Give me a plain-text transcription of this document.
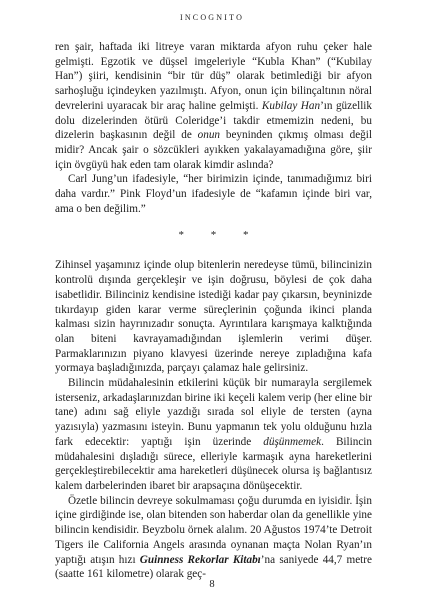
INCOGNITO

ren şair, haftada iki litreye varan miktarda afyon ruhu çeker hale gelmişti. Egzotik ve düşsel imgeleriyle “Kubla Khan” (“Kubilay Han”) şiiri, kendisinin “bir tür düş” olarak betimlediği bir afyon sarhoşluğu içindeyken yazılmıştı. Afyon, onun için bilinçaltının nöral devrelerini uyaracak bir araç haline gelmişti. Kubilay Han’ın güzellik dolu dizelerinden ötürü Coleridge’i takdir etmemizin nedeni, bu dizelerin başkasının değil de onun beyninden çıkmış olması değil midir? Ancak şair o sözcükleri ayıkken yakalayamadığına göre, şiir için övgüyü hak eden tam olarak kimdir aslında?

Carl Jung’un ifadesiyle, “her birimizin içinde, tanımadığımız biri daha vardır.” Pink Floyd’un ifadesiyle de “kafamın içinde biri var, ama o ben değilim.”

* * *

Zihinsel yaşamınız içinde olup bitenlerin neredeyse tümü, bilincinizin kontrolü dışında gerçekleşir ve işin doğrusu, böylesi de çok daha isabetlidir. Bilinciniz kendisine istediği kadar pay çıkarsın, beyninizde tıkırdayıp giden karar verme süreçlerinin çoğunda ikinci planda kalması sizin hayrınızadır sonuçta. Ayrıntılara karışmaya kalktığında olan biteni kavrayamadığından işlemlerin verimi düşer. Parmaklarınızın piyano klavyesi üzerinde nereye zıpladığına kafa yormaya başladığınızda, parçayı çalamaz hale gelirsiniz.

Bilincin müdahalesinin etkilerini küçük bir numarayla sergilemek isterseniz, arkadaşlarınızdan birine iki keçeli kalem verip (her eline bir tane) adını sağ eliyle yazdığı sırada sol eliyle de tersten (ayna yazısıyla) yazmasını isteyin. Bunu yapmanın tek yolu olduğunu hızla fark edecektir: yaptığı işin üzerinde düşünmemek. Bilincin müdahalesini dışladığı sürece, elleriyle karmaşık ayna hareketlerini gerçekleştirebilecektir ama hareketleri düşünecek olursa iş bağlantısız kalem darbelerinden ibaret bir arapsaçına dönüşecektir.

Özetle bilincin devreye sokulmaması çoğu durumda en iyisidir. İşin içine girdiğinde ise, olan bitenden son haberdar olan da genellikle yine bilincin kendisidir. Beyzbolu örnek alalım. 20 Ağustos 1974’te Detroit Tigers ile California Angels arasında oynanan maçta Nolan Ryan’ın yaptığı atışın hızı Guinness Rekorlar Kitabı’na saniyede 44,7 metre (saatte 161 kilometre) olarak geç-

8
